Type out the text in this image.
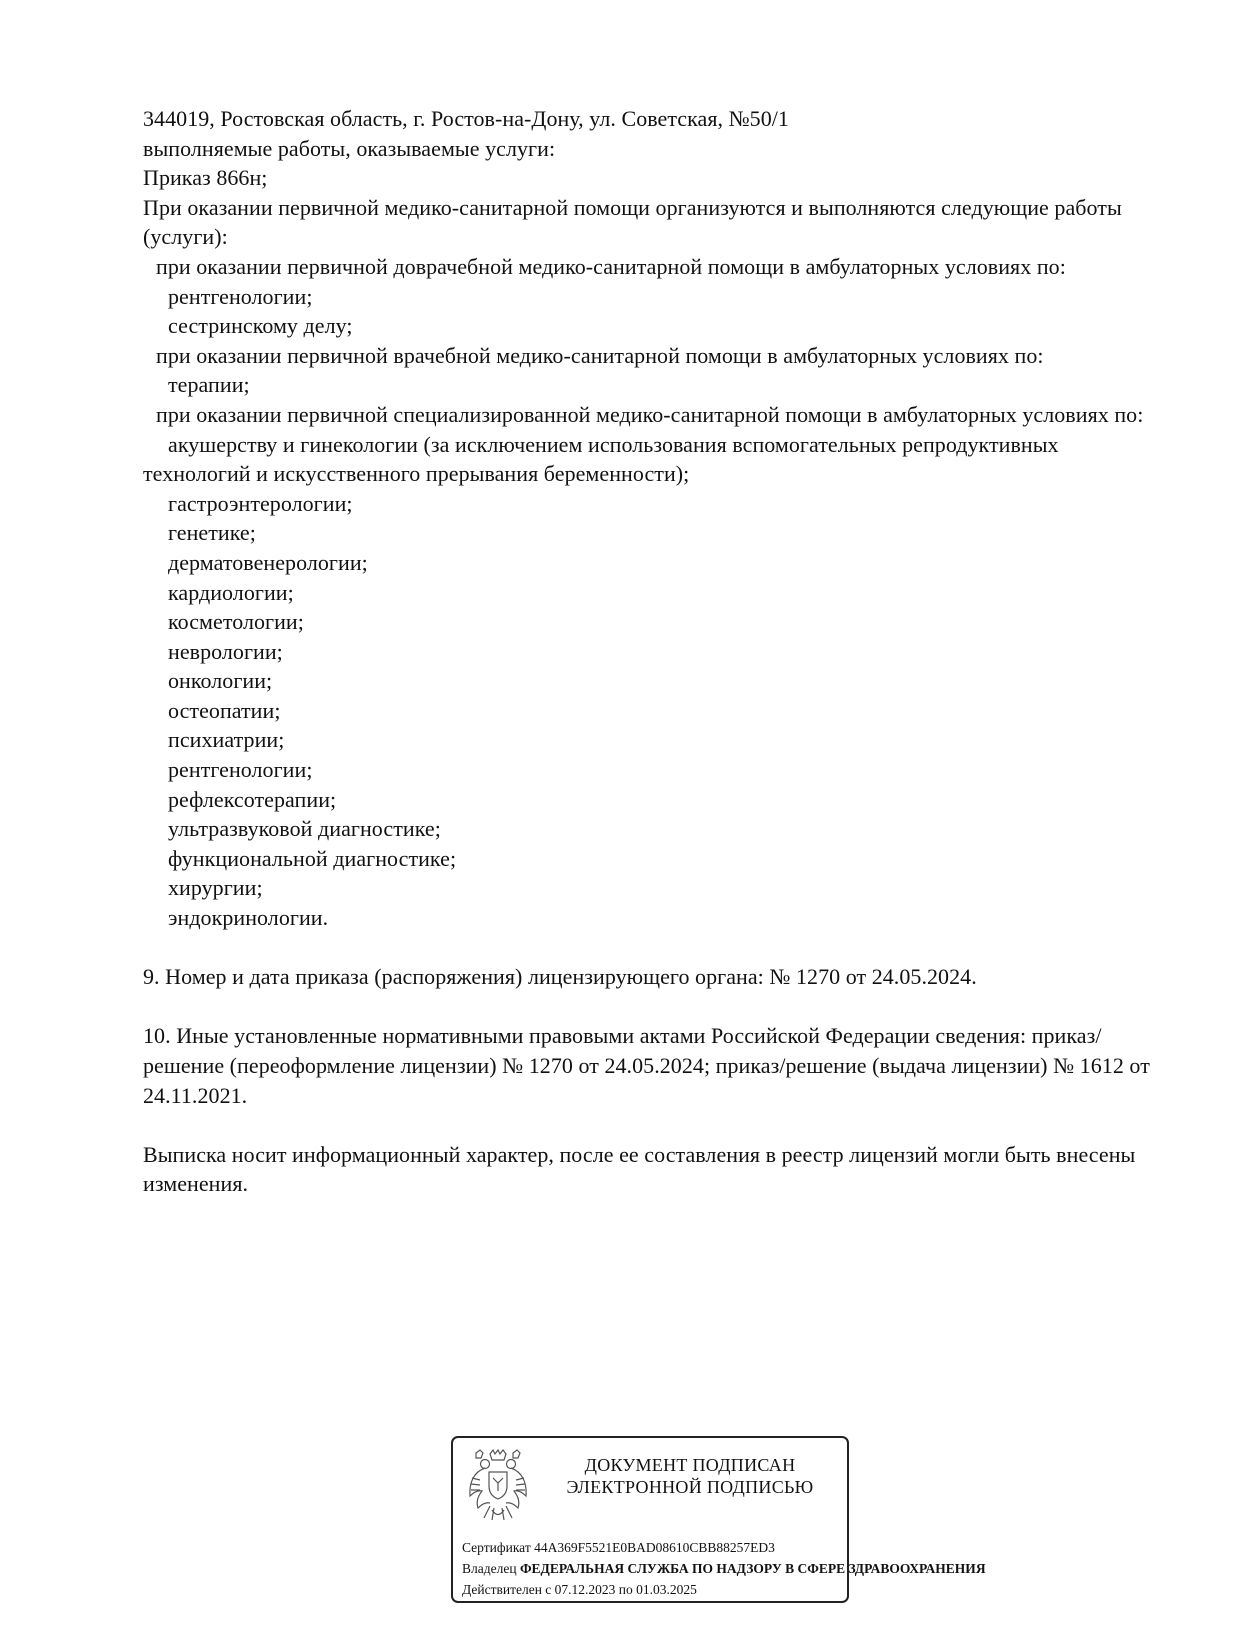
344019, Ростовская область, г. Ростов-на-Дону, ул. Советская, №50/1

выполняемые работы, оказываемые услуги:

Приказ 866н;

При оказании первичной медико-санитарной помощи организуются и выполняются следующие работы (услуги):

при оказании первичной доврачебной медико-санитарной помощи в амбулаторных условиях по:

рентгенологии;

сестринскому делу;

при оказании первичной врачебной медико-санитарной помощи в амбулаторных условиях по:

терапии;

при оказании первичной специализированной медико-санитарной помощи в амбулаторных условиях по:

акушерству и гинекологии (за исключением использования вспомогательных репродуктивных технологий и искусственного прерывания беременности);

гастроэнтерологии;

генетике;

дерматовенерологии;

кардиологии;

косметологии;

неврологии;

онкологии;

остеопатии;

психиатрии;

рентгенологии;

рефлексотерапии;

ультразвуковой диагностике;

функциональной диагностике;

хирургии;

эндокринологии.

9. Номер и дата приказа (распоряжения) лицензирующего органа: № 1270 от 24.05.2024.

10. Иные установленные нормативными правовыми актами Российской Федерации сведения: приказ/решение (переоформление лицензии) № 1270 от 24.05.2024; приказ/решение (выдача лицензии) № 1612 от 24.11.2021.

Выписка носит информационный характер, после ее составления в реестр лицензий могли быть внесены изменения.

ДОКУМЕНТ ПОДПИСАН
ЭЛЕКТРОННОЙ ПОДПИСЬЮ
Сертификат 44A369F5521E0BAD08610CBB88257ED3
Владелец ФЕДЕРАЛЬНАЯ СЛУЖБА ПО НАДЗОРУ В СФЕРЕ ЗДРАВООХРАНЕНИЯ
Действителен с 07.12.2023 по 01.03.2025
